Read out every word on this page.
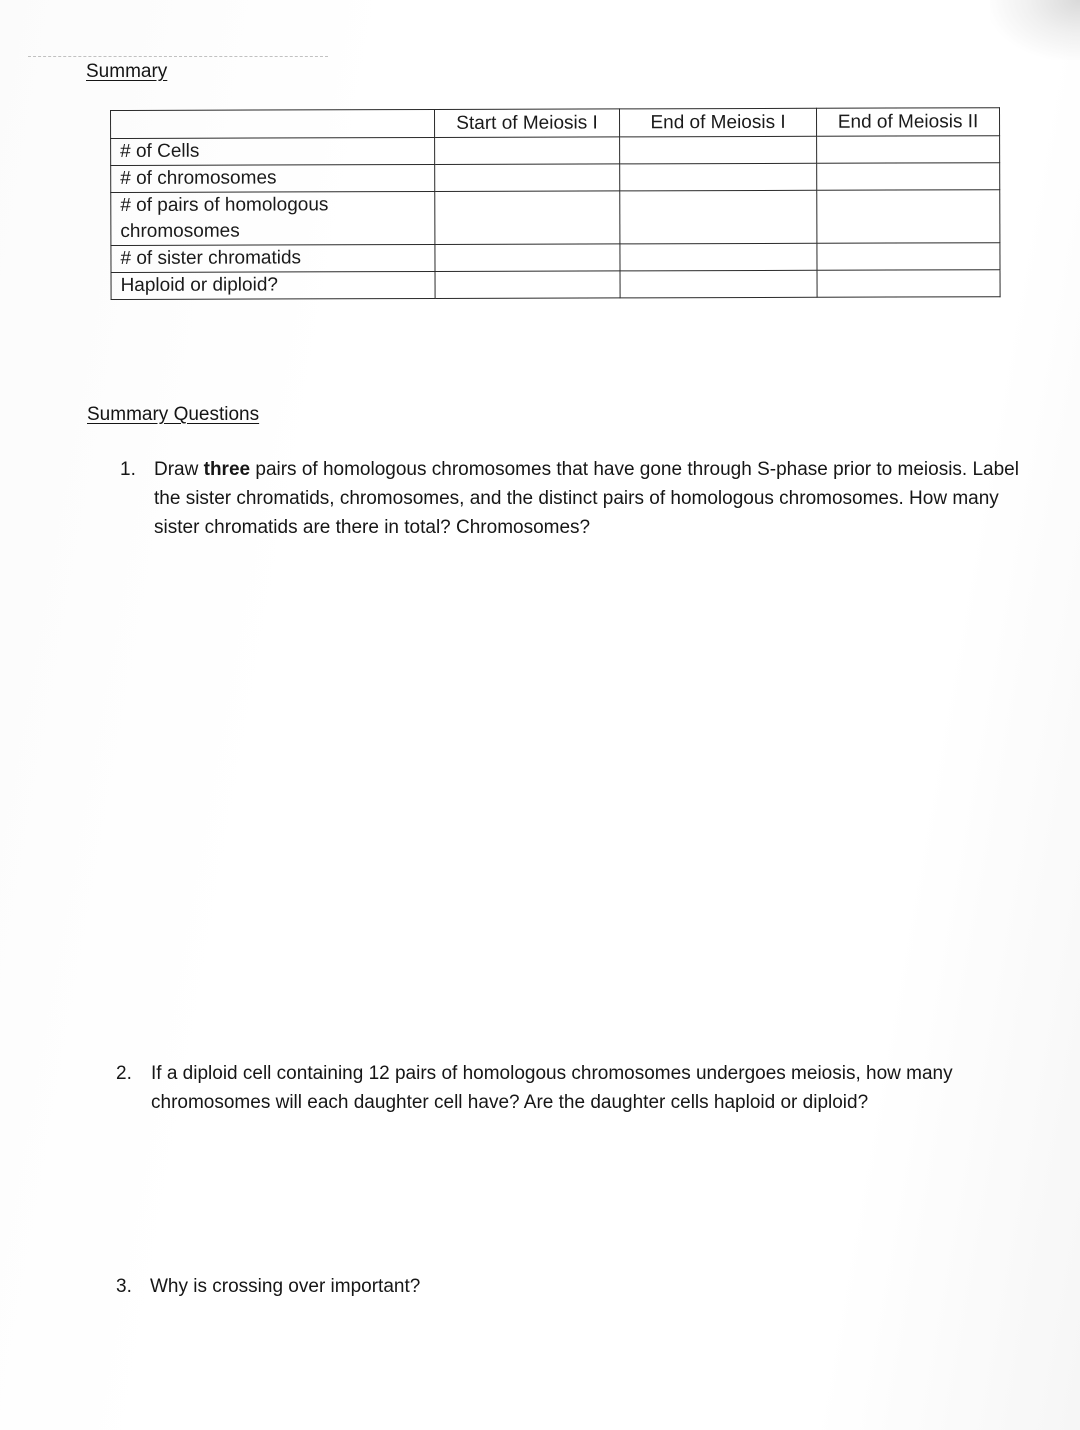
Summary
	Start of Meiosis I	End of Meiosis I	End of Meiosis II
# of Cells			
# of chromosomes			
# of pairs of homologous chromosomes			
# of sister chromatids			
Haploid or diploid?			
Summary Questions
1. Draw three pairs of homologous chromosomes that have gone through S-phase prior to meiosis. Label the sister chromatids, chromosomes, and the distinct pairs of homologous chromosomes. How many sister chromatids are there in total? Chromosomes?
2. If a diploid cell containing 12 pairs of homologous chromosomes undergoes meiosis, how many chromosomes will each daughter cell have? Are the daughter cells haploid or diploid?
3. Why is crossing over important?
